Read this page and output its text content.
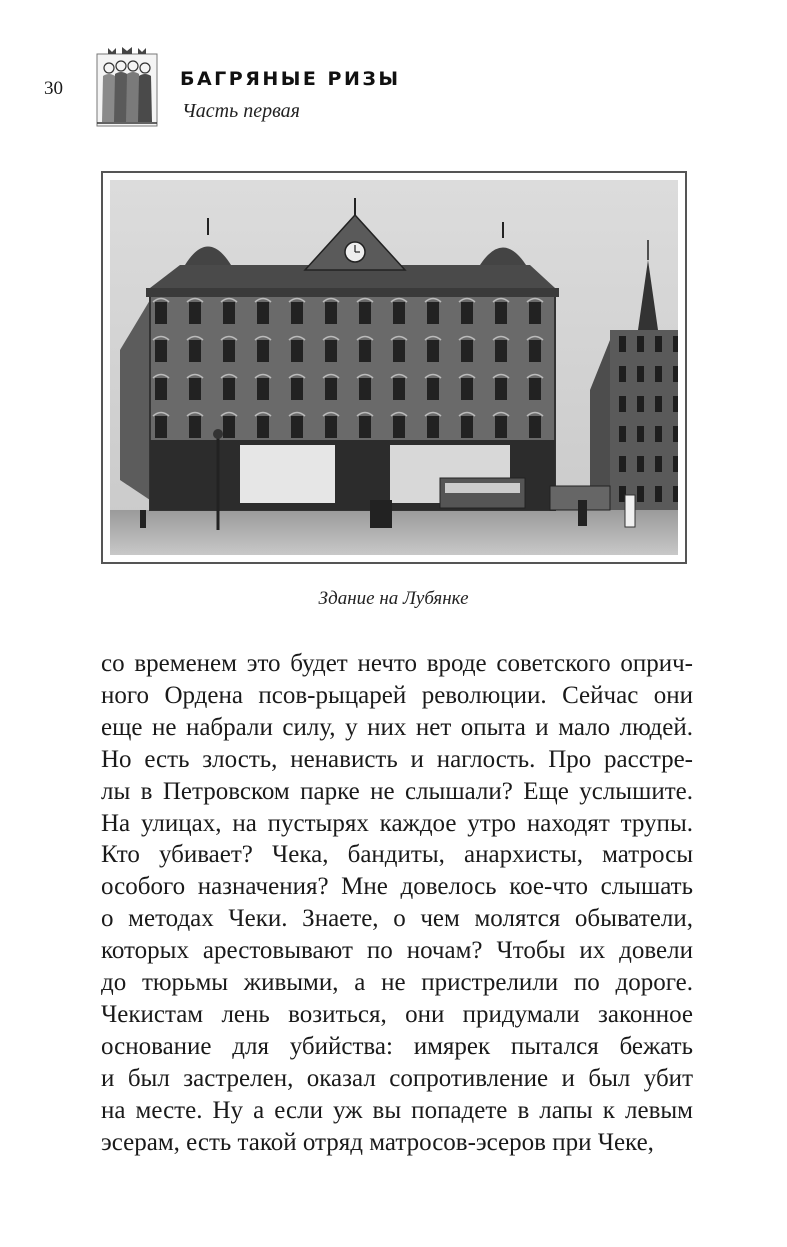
30	БАГРЯНЫЕ РИЗЫ
Часть первая
Здание на Лубянке
со временем это будет нечто вроде советского оприч-
ного Ордена псов-рыцарей революции. Сейчас они
еще не набрали силу, у них нет опыта и мало людей.
Но есть злость, ненависть и наглость. Про расстре-
лы в Петровском парке не слышали? Еще услышите.
На улицах, на пустырях каждое утро находят трупы.
Кто убивает? Чека, бандиты, анархисты, матросы
особого назначения? Мне довелось кое-что слышать
о методах Чеки. Знаете, о чем молятся обыватели,
которых арестовывают по ночам? Чтобы их довели
до тюрьмы живыми, а не пристрелили по дороге.
Чекистам лень возиться, они придумали законное
основание для убийства: имярек пытался бежать
и был застрелен, оказал сопротивление и был убит
на месте. Ну а если уж вы попадете в лапы к левым
эсерам, есть такой отряд матросов-эсеров при Чеке,
